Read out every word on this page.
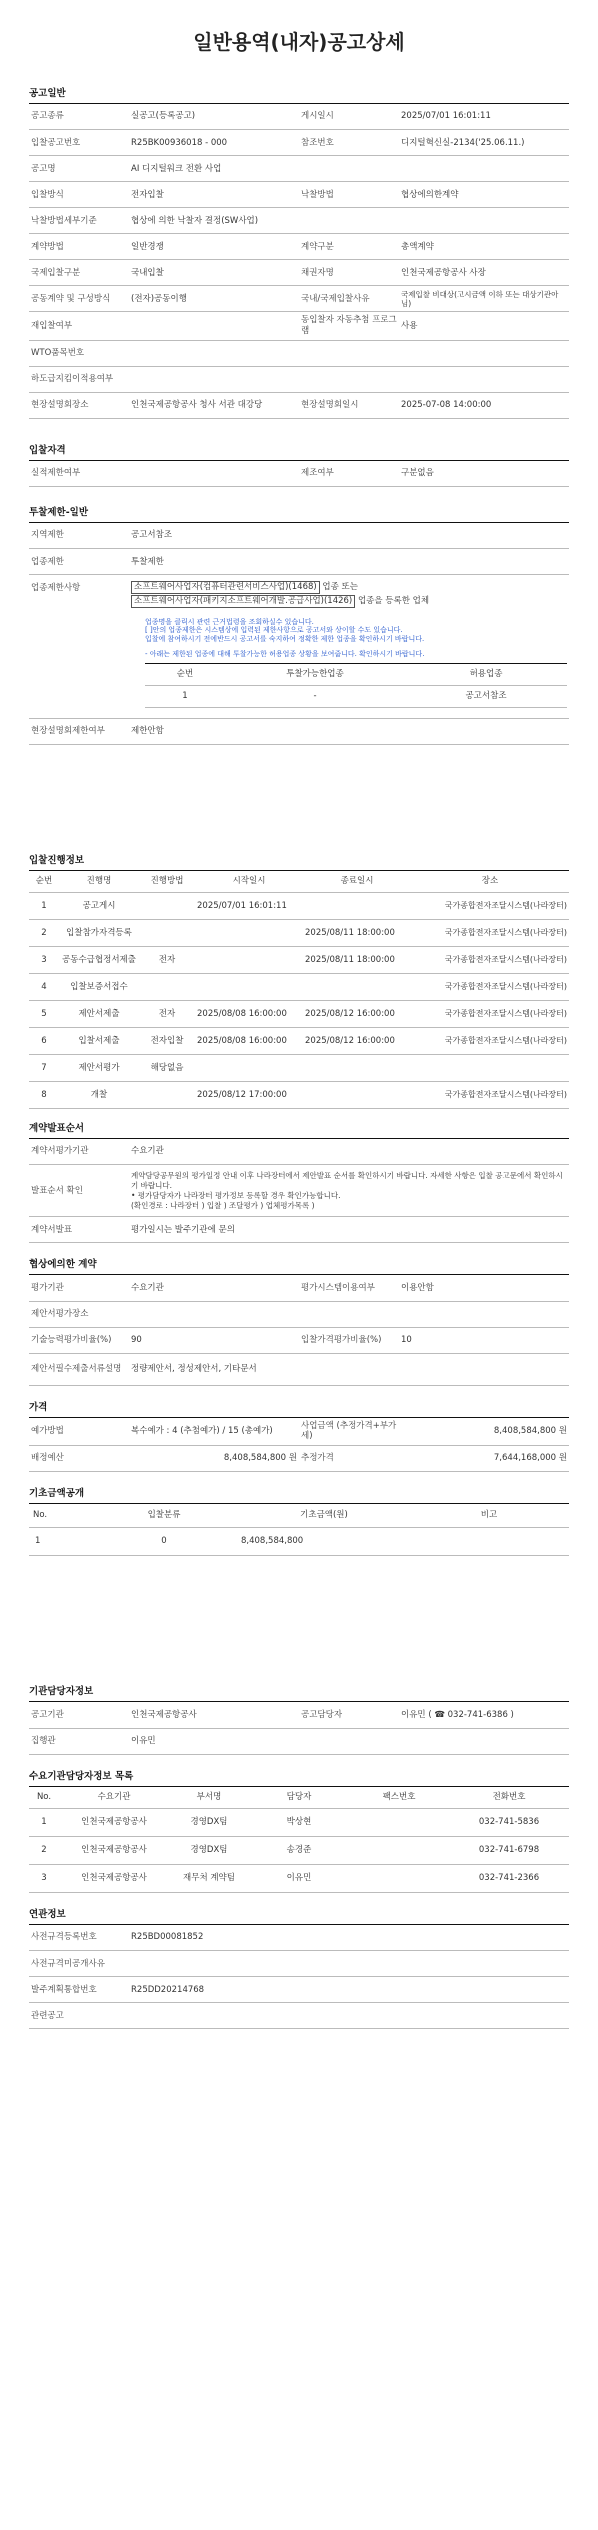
일반용역(내자)공고상세
공고일반
공고종류	실공고(등록공고)	게시일시	2025/07/01 16:01:11
입찰공고번호	R25BK00936018 - 000	참조번호	디지털혁신실-2134('25.06.11.)
공고명	AI 디지털워크 전환 사업		
입찰방식	전자입찰	낙찰방법	협상에의한계약
낙찰방법세부기준	협상에 의한 낙찰자 결정(SW사업)		
계약방법	일반경쟁	계약구분	총액계약
국제입찰구분	국내입찰	채권자명	인천국제공항공사 사장
공동계약 및 구성방식	(전자)공동이행	국내/국제입찰사유	국제입찰 비대상(고시금액 이하 또는 대상기관아님)
재입찰여부		동입찰자 자동추첨 프로그램	사용
WTO품목번호			
하도급지킴이적용여부			
현장설명회장소	인천국제공항공사 청사 서관 대강당	현장설명회일시	2025-07-08 14:00:00
입찰자격
실적제한여부		제조여부	구분없음
투찰제한-일반
지역제한	공고서참조
업종제한	투찰제한
업종제한사항	소프트웨어사업자(컴퓨터관련서비스사업)(1468) 업종 또는
소프트웨어사업자(패키지소프트웨어개발.공급사업)(1426) 업종을 등록한 업체
업종명을 클릭시 관련 근거법령을 조회하실수 있습니다.
[ ]안의 업종제한은 시스템상에 입력된 제한사항으로 공고서와 상이할 수도 있습니다.
입찰에 참여하시기 전에반드시 공고서를 숙지하여 정확한 제한 업종을 확인하시기 바랍니다.
- 아래는 제한된 업종에 대해 투찰가능한 허용업종 상황을 보여줍니다. 확인하시기 바랍니다.
순번	투찰가능한업종	허용업종
1	-	공고서참조

현장설명회제한여부	제한안함
입찰진행정보
순번	진행명	진행방법	시작일시	종료일시	장소
1	공고게시		2025/07/01 16:01:11		국가종합전자조달시스템(나라장터)
2	입찰참가자격등록			2025/08/11 18:00:00	국가종합전자조달시스템(나라장터)
3	공동수급협정서제출	전자		2025/08/11 18:00:00	국가종합전자조달시스템(나라장터)
4	입찰보증서접수				국가종합전자조달시스템(나라장터)
5	제안서제출	전자	2025/08/08 16:00:00	2025/08/12 16:00:00	국가종합전자조달시스템(나라장터)
6	입찰서제출	전자입찰	2025/08/08 16:00:00	2025/08/12 16:00:00	국가종합전자조달시스템(나라장터)
7	제안서평가	해당없음			
8	개찰		2025/08/12 17:00:00		국가종합전자조달시스템(나라장터)
계약발표순서
계약서평가기관	수요기관
발표순서 확인	계약담당공무원의 평가일정 안내 이후 나라장터에서 제안발표 순서를 확인하시기 바랍니다. 자세한 사항은 입찰 공고문에서 확인하시기 바랍니다.
• 평가담당자가 나라장터 평가정보 등록할 경우 확인가능합니다.
(확인경로 : 나라장터 ) 입찰 ) 조달평가 ) 업체평가목록 )
계약서발표	평가일시는 발주기관에 문의
협상에의한 계약
평가기관	수요기관	평가시스템이용여부	이용안함
제안서평가장소			
기술능력평가비율(%)	90	입찰가격평가비율(%)	10
제안서필수제출서류설명	정량제안서, 정성제안서, 기타문서		
가격
예가방법	복수예가 : 4 (추첨예가) / 15 (총예가)	사업금액 (추정가격+부가세)	8,408,584,800 원
배정예산	8,408,584,800 원	추정가격	7,644,168,000 원
기초금액공개
No.	입찰분류	기초금액(원)	비고
1	0	8,408,584,800	
기관담당자정보
공고기관	인천국제공항공사	공고담당자	이유민 ( ☎ 032-741-6386 )
집행관	이유민		
수요기관담당자정보 목록
No.	수요기관	부서명	담당자	팩스번호	전화번호
1	인천국제공항공사	경영DX팀	박상현		032-741-5836
2	인천국제공항공사	경영DX팀	송경준		032-741-6798
3	인천국제공항공사	재무처 계약팀	이유민		032-741-2366
연관정보
사전규격등록번호	R25BD00081852
사전규격미공개사유	
발주계획통합번호	R25DD20214768
관련공고	
